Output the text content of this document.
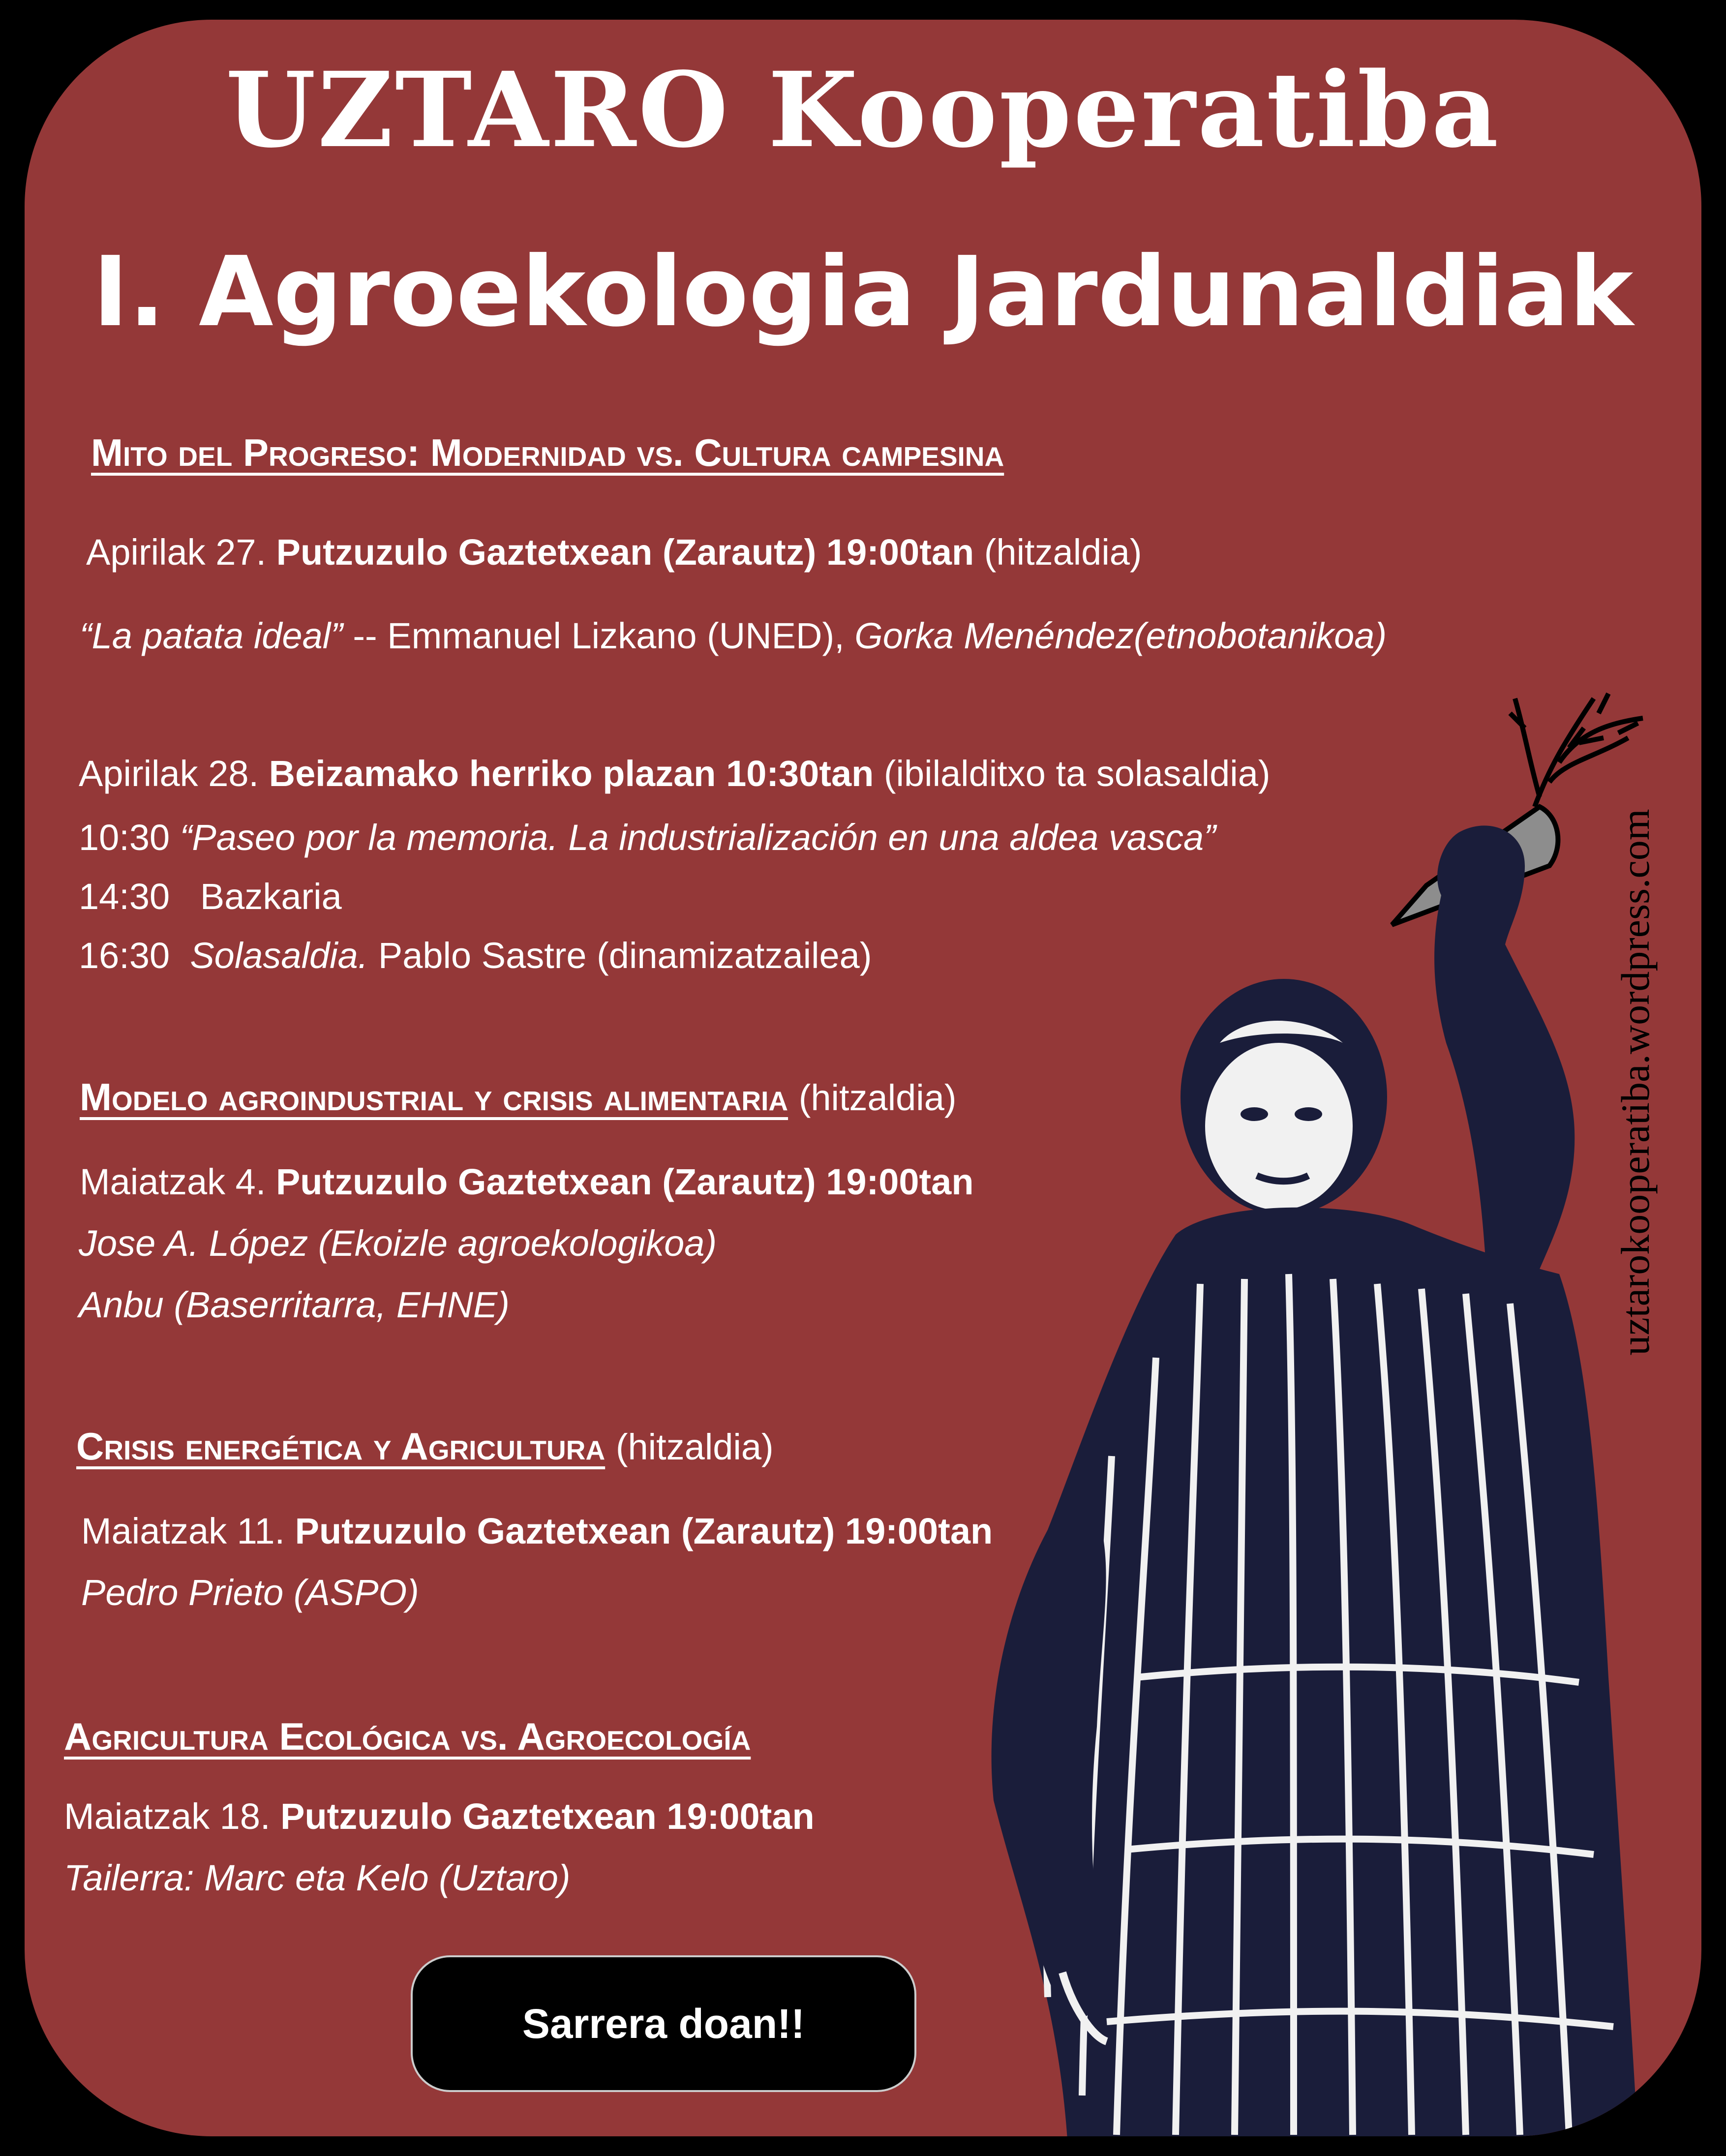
UZTARO Kooperatiba
I. Agroekologia Jardunaldiak
Mito del Progreso: Modernidad vs. Cultura campesina
Apirilak 27. Putzuzulo Gaztetxean (Zarautz) 19:00tan (hitzaldia)
“La patata ideal” -- Emmanuel Lizkano (UNED), Gorka Menéndez(etnobotanikoa)
Apirilak 28. Beizamako herriko plazan 10:30tan (ibilalditxo ta solasaldia)
10:30 “Paseo por la memoria. La industrialización en una aldea vasca”
14:30 Bazkaria
16:30 Solasaldia. Pablo Sastre (dinamizatzailea)
Modelo agroindustrial y crisis alimentaria (hitzaldia)
Maiatzak 4. Putzuzulo Gaztetxean (Zarautz) 19:00tan
Jose A. López (Ekoizle agroekologikoa)
Anbu (Baserritarra, EHNE)
Crisis energética y Agricultura (hitzaldia)
Maiatzak 11. Putzuzulo Gaztetxean (Zarautz) 19:00tan
Pedro Prieto (ASPO)
Agricultura Ecológica vs. Agroecología
Maiatzak 18. Putzuzulo Gaztetxean 19:00tan
Tailerra: Marc eta Kelo (Uztaro)
uztarokooperatiba.wordpress.com
Sarrera doan!!
